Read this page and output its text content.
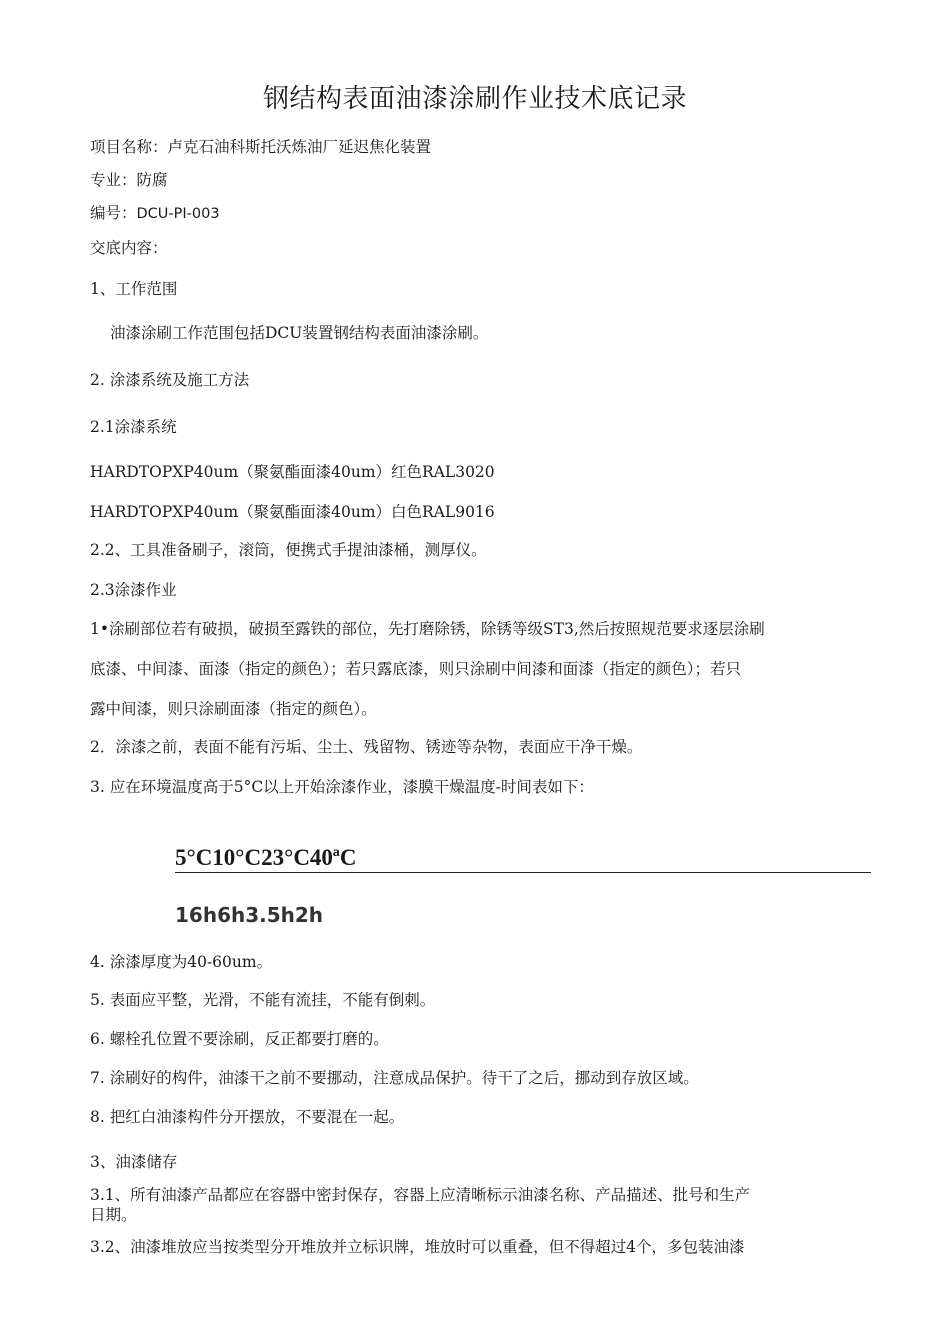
钢结构表面油漆涂刷作业技术底记录
项目名称：卢克石油科斯托沃炼油厂延迟焦化装置
专业：防腐
编号：DCU-PI-003
交底内容：
1、工作范围
油漆涂刷工作范围包括DCU装置钢结构表面油漆涂刷。
2. 涂漆系统及施工方法
2.1涂漆系统
HARDTOPXP40um（聚氨酯面漆40um）红色RAL3020
HARDTOPXP40um（聚氨酯面漆40um）白色RAL9016
2.2、工具准备刷子，滚筒，便携式手提油漆桶，测厚仪。
2.3涂漆作业
1•涂刷部位若有破损，破损至露铁的部位，先打磨除锈，除锈等级ST3,然后按照规范要求逐层涂刷
底漆、中间漆、面漆（指定的颜色）；若只露底漆，则只涂刷中间漆和面漆（指定的颜色）；若只
露中间漆，则只涂刷面漆（指定的颜色）。
2．涂漆之前，表面不能有污垢、尘土、残留物、锈迹等杂物，表面应干净干燥。
3. 应在环境温度高于5°C以上开始涂漆作业，漆膜干燥温度-时间表如下：
5°C10°C23°C40ªC
16h6h3.5h2h
4. 涂漆厚度为40-60um。
5. 表面应平整，光滑，不能有流挂，不能有倒刺。
6. 螺栓孔位置不要涂刷，反正都要打磨的。
7. 涂刷好的构件，油漆干之前不要挪动，注意成品保护。待干了之后，挪动到存放区域。
8. 把红白油漆构件分开摆放，不要混在一起。
3、油漆储存
3.1、所有油漆产品都应在容器中密封保存，容器上应清晰标示油漆名称、产品描述、批号和生产
日期。
3.2、油漆堆放应当按类型分开堆放并立标识牌，堆放时可以重叠，但不得超过4个，多包装油漆
